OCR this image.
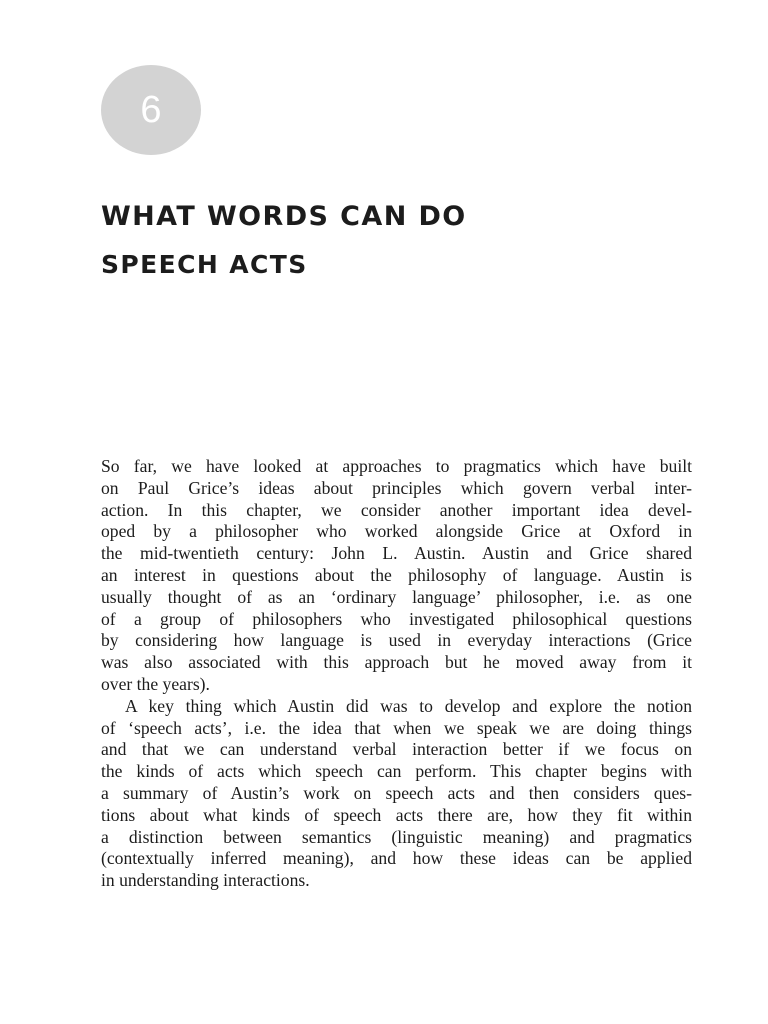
6
WHAT WORDS CAN DO
SPEECH ACTS
So far, we have looked at approaches to pragmatics which have built
on Paul Grice’s ideas about principles which govern verbal inter-
action. In this chapter, we consider another important idea devel-
oped by a philosopher who worked alongside Grice at Oxford in
the mid-twentieth century: John L. Austin. Austin and Grice shared
an interest in questions about the philosophy of language. Austin is
usually thought of as an ‘ordinary language’ philosopher, i.e. as one
of a group of philosophers who investigated philosophical questions
by considering how language is used in everyday interactions (Grice
was also associated with this approach but he moved away from it
over the years).
A key thing which Austin did was to develop and explore the notion
of ‘speech acts’, i.e. the idea that when we speak we are doing things
and that we can understand verbal interaction better if we focus on
the kinds of acts which speech can perform. This chapter begins with
a summary of Austin’s work on speech acts and then considers ques-
tions about what kinds of speech acts there are, how they fit within
a distinction between semantics (linguistic meaning) and pragmatics
(contextually inferred meaning), and how these ideas can be applied
in understanding interactions.
